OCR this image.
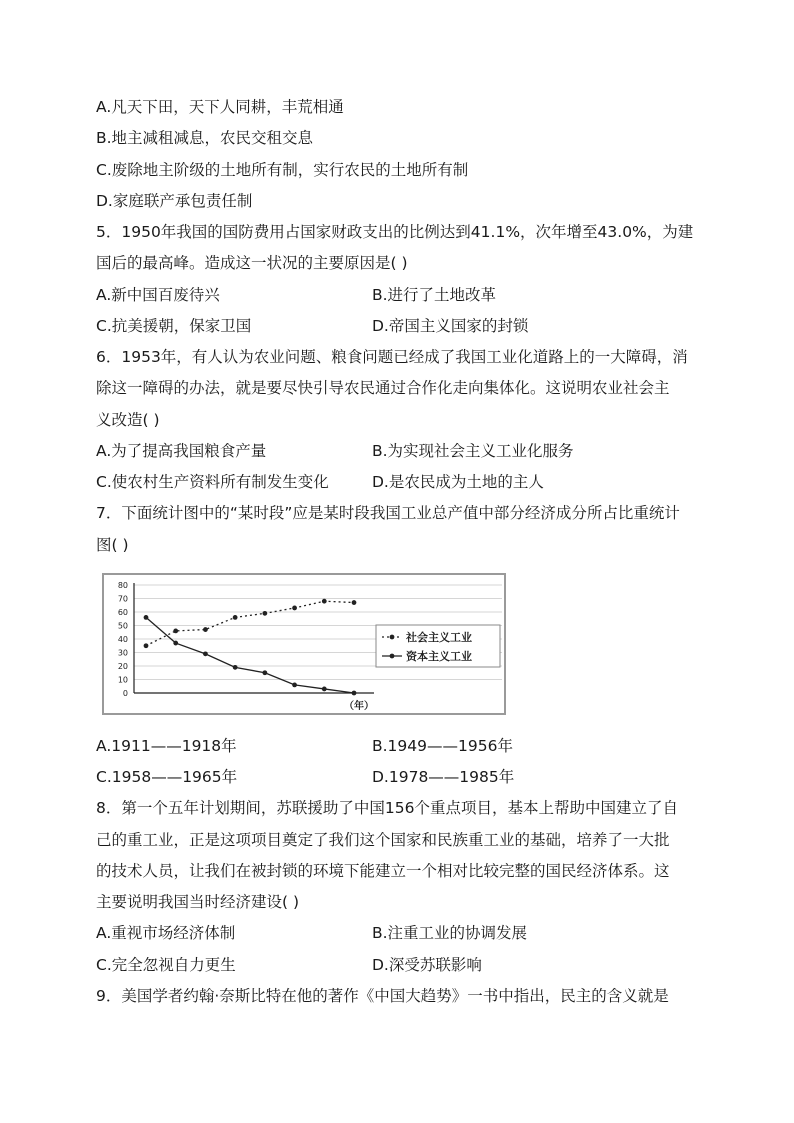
A.凡天下田，天下人同耕，丰荒相通
B.地主减租减息，农民交租交息
C.废除地主阶级的土地所有制，实行农民的土地所有制
D.家庭联产承包责任制
5．1950年我国的国防费用占国家财政支出的比例达到41.1%，次年增至43.0%，为建
国后的最高峰。造成这一状况的主要原因是( )
A.新中国百废待兴	B.进行了土地改革
C.抗美援朝，保家卫国	D.帝国主义国家的封锁
6．1953年，有人认为农业问题、粮食问题已经成了我国工业化道路上的一大障碍，消
除这一障碍的办法，就是要尽快引导农民通过合作化走向集体化。这说明农业社会主
义改造( )
A.为了提高我国粮食产量	B.为实现社会主义工业化服务
C.使农村生产资料所有制发生变化	D.是农民成为土地的主人
7．下面统计图中的“某时段”应是某时段我国工业总产值中部分经济成分所占比重统计
图( )
0
10
20
30
40
50
60
70
80
社会主义工业
资本主义工业
（年）
A.1911——1918年	B.1949——1956年
C.1958——1965年	D.1978——1985年
8．第一个五年计划期间，苏联援助了中国156个重点项目，基本上帮助中国建立了自
己的重工业，正是这项项目奠定了我们这个国家和民族重工业的基础，培养了一大批
的技术人员，让我们在被封锁的环境下能建立一个相对比较完整的国民经济体系。这
主要说明我国当时经济建设( )
A.重视市场经济体制	B.注重工业的协调发展
C.完全忽视自力更生	D.深受苏联影响
9．美国学者约翰·奈斯比特在他的著作《中国大趋势》一书中指出，民主的含义就是
